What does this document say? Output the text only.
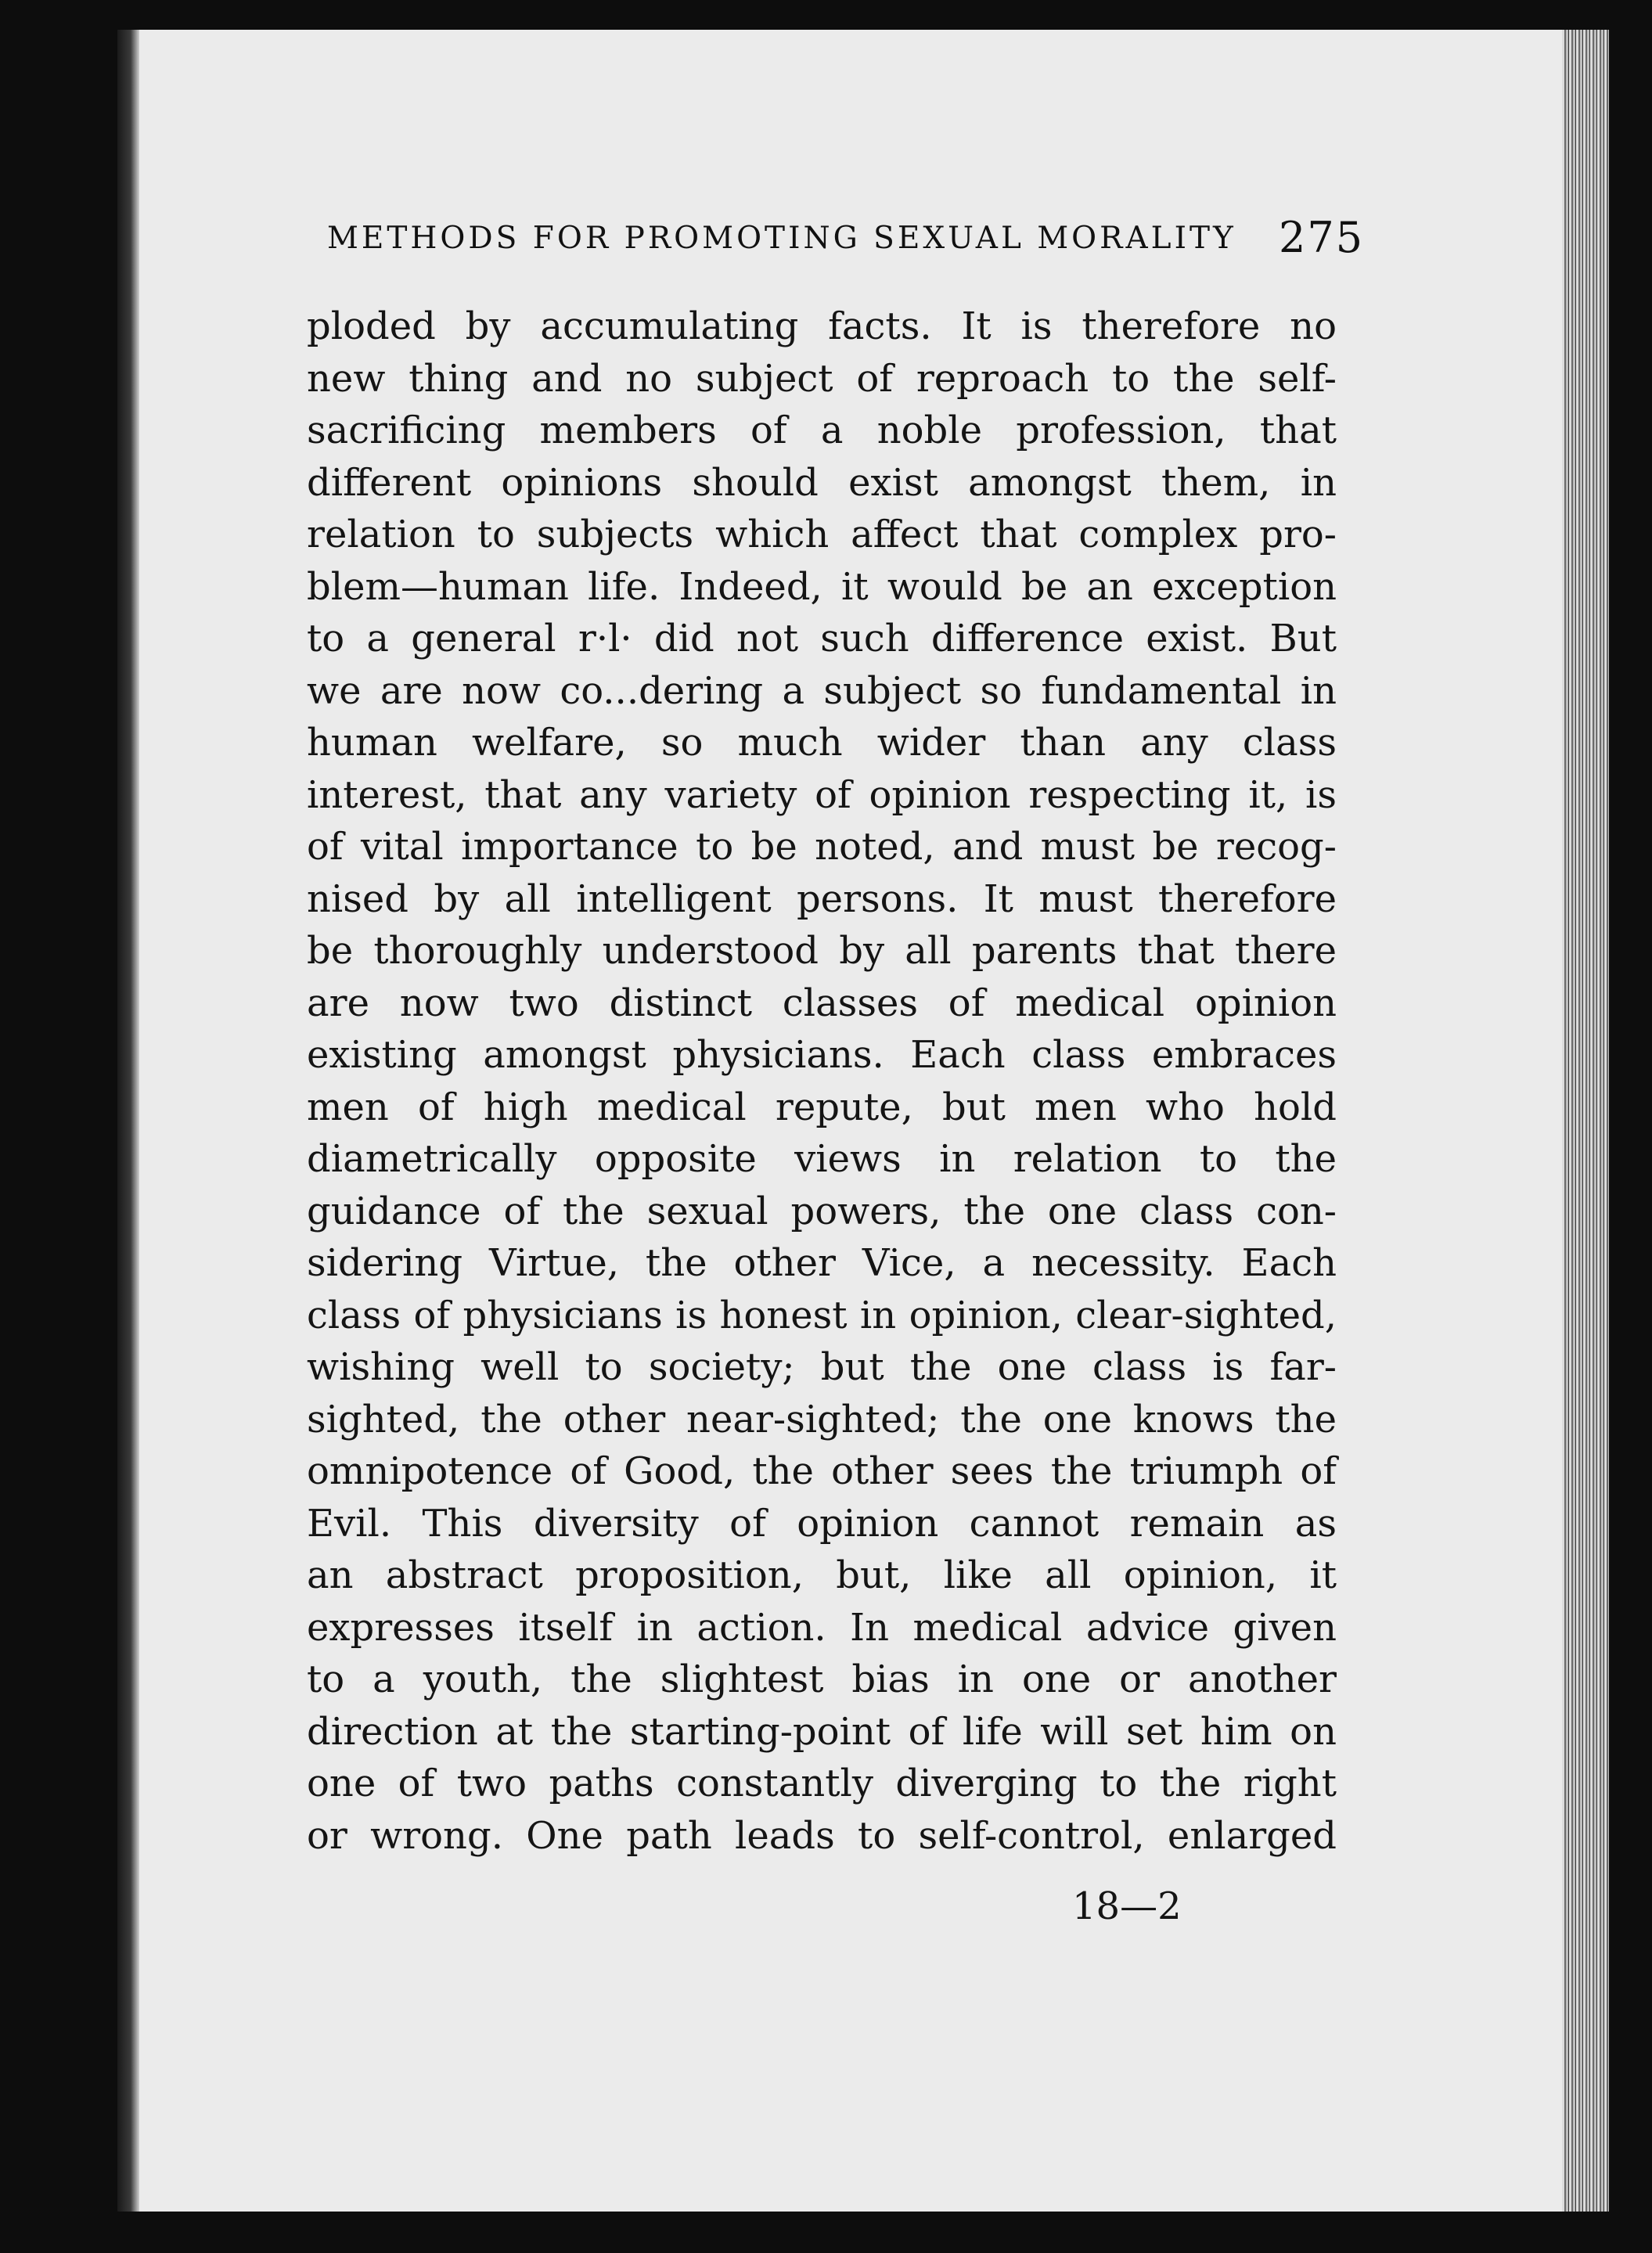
METHODS FOR PROMOTING SEXUAL MORALITY 275
ploded by accumulating facts. It is therefore no
new thing and no subject of reproach to the self-
sacrificing members of a noble profession, that
different opinions should exist amongst them, in
relation to subjects which affect that complex pro-
blem—human life. Indeed, it would be an exception
to a general r·l· did not such difference exist. But
we are now co...dering a subject so fundamental in
human welfare, so much wider than any class
interest, that any variety of opinion respecting it, is
of vital importance to be noted, and must be recog-
nised by all intelligent persons. It must therefore
be thoroughly understood by all parents that there
are now two distinct classes of medical opinion
existing amongst physicians. Each class embraces
men of high medical repute, but men who hold
diametrically opposite views in relation to the
guidance of the sexual powers, the one class con-
sidering Virtue, the other Vice, a necessity. Each
class of physicians is honest in opinion, clear-sighted,
wishing well to society; but the one class is far-
sighted, the other near-sighted; the one knows the
omnipotence of Good, the other sees the triumph of
Evil. This diversity of opinion cannot remain as
an abstract proposition, but, like all opinion, it
expresses itself in action. In medical advice given
to a youth, the slightest bias in one or another
direction at the starting-point of life will set him on
one of two paths constantly diverging to the right
or wrong. One path leads to self-control, enlarged
18—2
